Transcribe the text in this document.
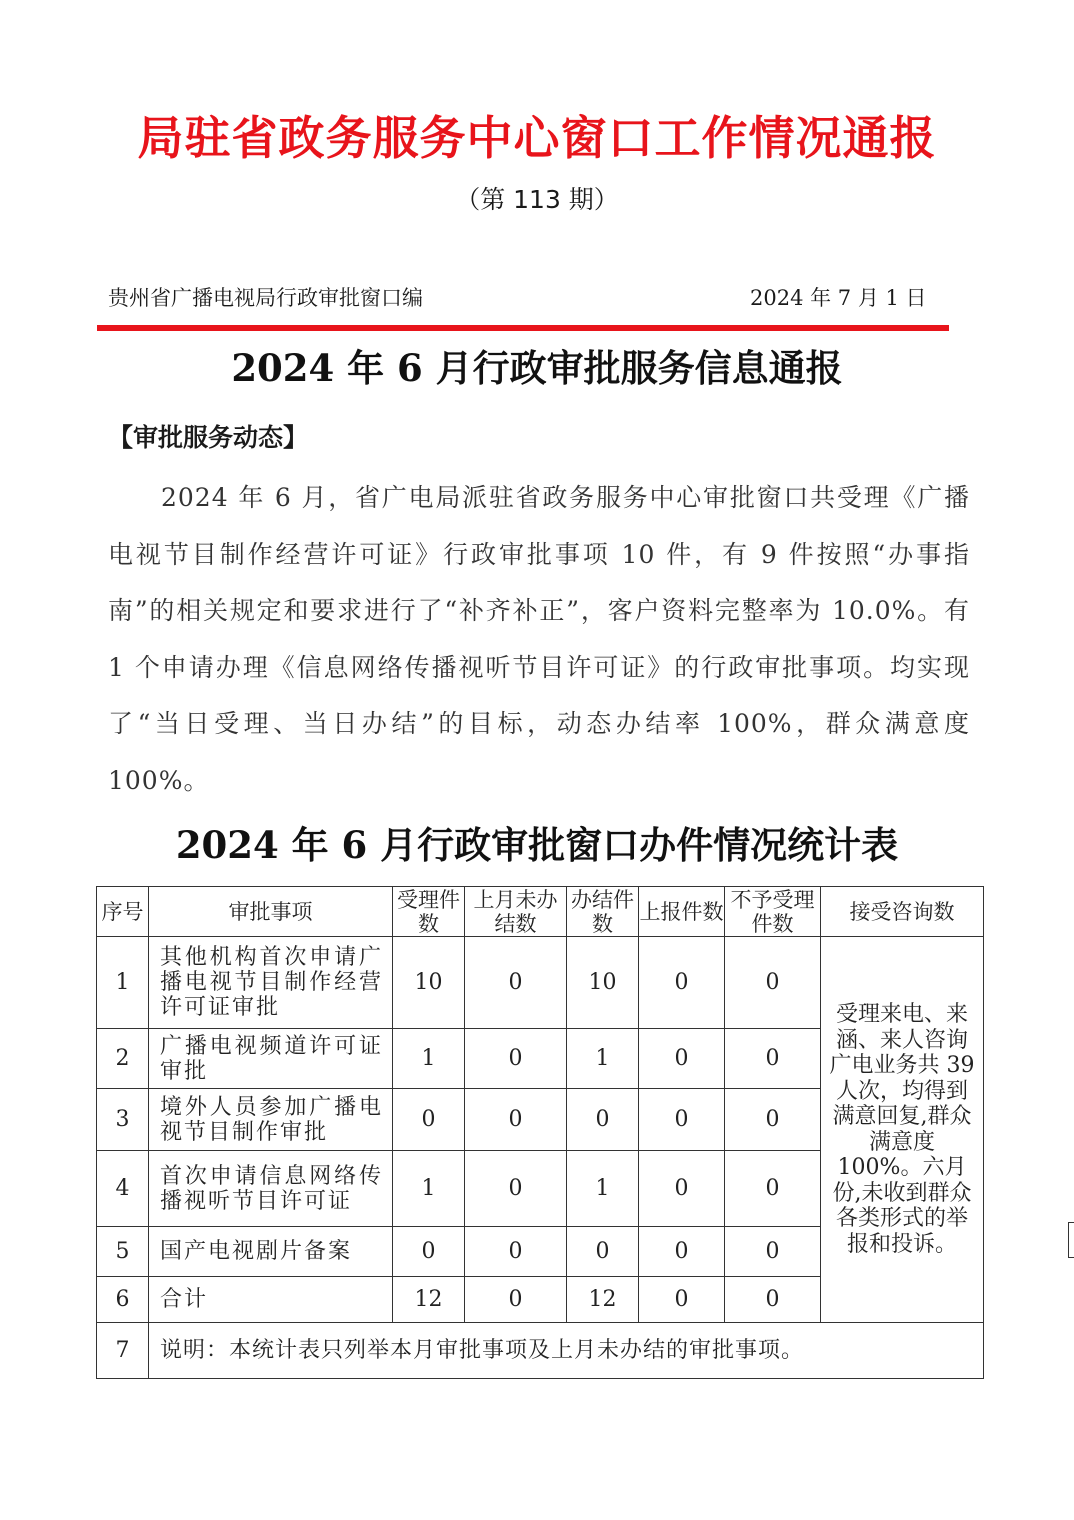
局驻省政务服务中心窗口工作情况通报
（第 113 期）
贵州省广播电视局行政审批窗口编	2024 年 7 月 1 日
2024 年 6 月行政审批服务信息通报
【审批服务动态】
2024 年 6 月，省广电局派驻省政务服务中心审批窗口共受理《广播电视节目制作经营许可证》行政审批事项 10 件，有 9 件按照“办事指南”的相关规定和要求进行了“补齐补正”，客户资料完整率为 10.0%。有 1 个申请办理《信息网络传播视听节目许可证》的行政审批事项。均实现了“当日受理、当日办结”的目标，动态办结率 100%，群众满意度 100%。
2024 年 6 月行政审批窗口办件情况统计表
序号	审批事项	受理件数	上月未办结数	办结件数	上报件数	不予受理件数	接受咨询数
1	其他机构首次申请广播电视节目制作经营许可证审批	10	0	10	0	0	受理来电、来涵、来人咨询广电业务共 39 人次，均得到满意回复,群众满意度 100%。六月份,未收到群众各类形式的举报和投诉。
2	广播电视频道许可证审批	1	0	1	0	0	
3	境外人员参加广播电视节目制作审批	0	0	0	0	0	
4	首次申请信息网络传播视听节目许可证	1	0	1	0	0	
5	国产电视剧片备案	0	0	0	0	0	
6	合计	12	0	12	0	0	
7	说明：本统计表只列举本月审批事项及上月未办结的审批事项。						
